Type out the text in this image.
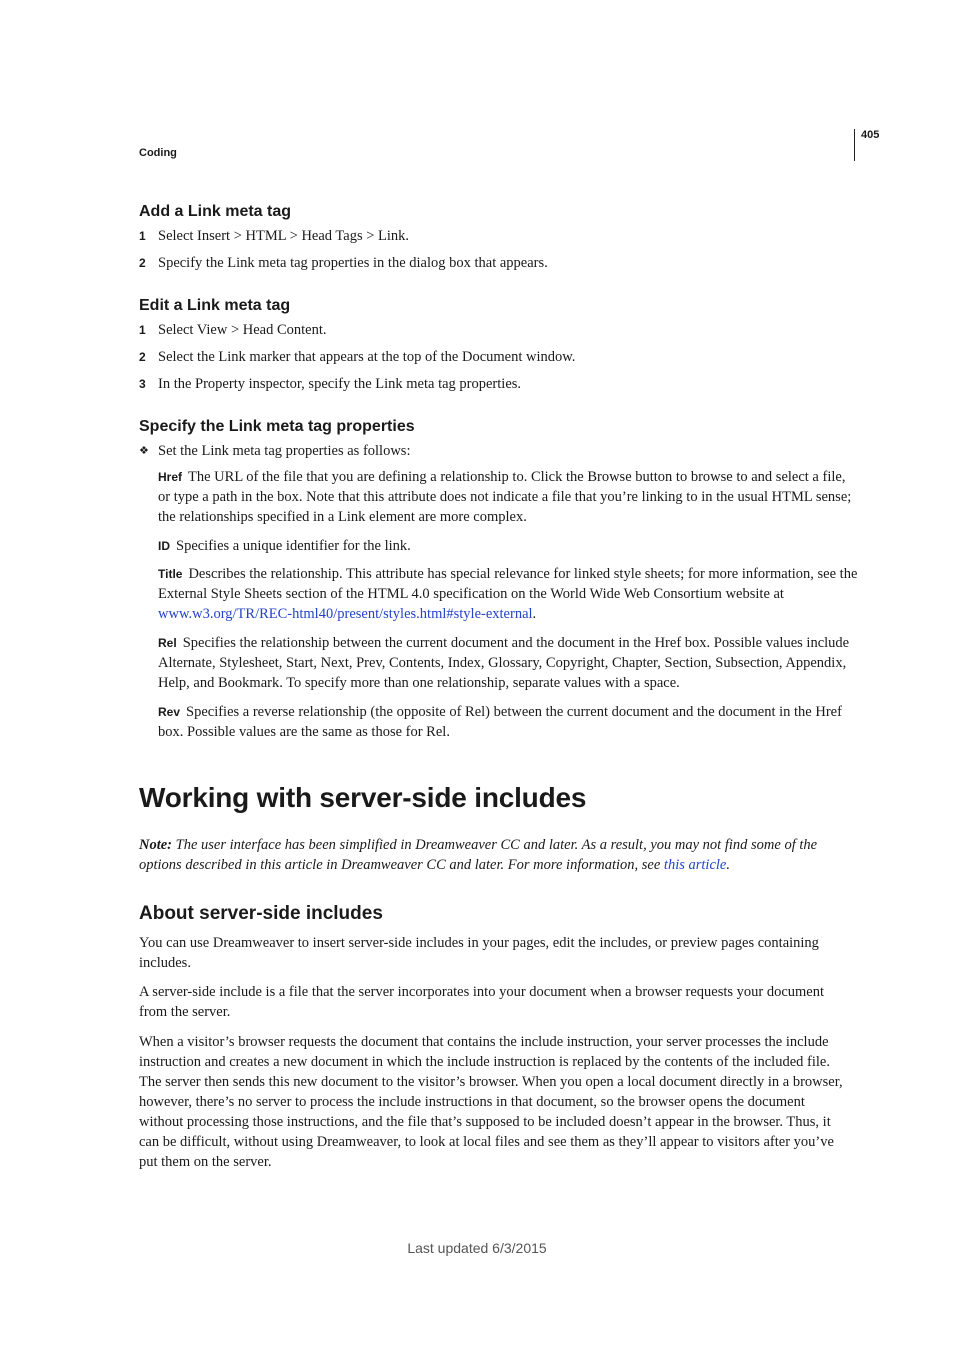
405
Coding
Add a Link meta tag
1 Select Insert > HTML > Head Tags > Link.
2 Specify the Link meta tag properties in the dialog box that appears.
Edit a Link meta tag
1 Select View > Head Content.
2 Select the Link marker that appears at the top of the Document window.
3 In the Property inspector, specify the Link meta tag properties.
Specify the Link meta tag properties
❖ Set the Link meta tag properties as follows:
Href The URL of the file that you are defining a relationship to. Click the Browse button to browse to and select a file, or type a path in the box. Note that this attribute does not indicate a file that you’re linking to in the usual HTML sense; the relationships specified in a Link element are more complex.
ID Specifies a unique identifier for the link.
Title Describes the relationship. This attribute has special relevance for linked style sheets; for more information, see the External Style Sheets section of the HTML 4.0 specification on the World Wide Web Consortium website at www.w3.org/TR/REC-html40/present/styles.html#style-external.
Rel Specifies the relationship between the current document and the document in the Href box. Possible values include Alternate, Stylesheet, Start, Next, Prev, Contents, Index, Glossary, Copyright, Chapter, Section, Subsection, Appendix, Help, and Bookmark. To specify more than one relationship, separate values with a space.
Rev Specifies a reverse relationship (the opposite of Rel) between the current document and the document in the Href box. Possible values are the same as those for Rel.
Working with server-side includes
Note: The user interface has been simplified in Dreamweaver CC and later. As a result, you may not find some of the options described in this article in Dreamweaver CC and later. For more information, see this article.
About server-side includes
You can use Dreamweaver to insert server-side includes in your pages, edit the includes, or preview pages containing includes.
A server-side include is a file that the server incorporates into your document when a browser requests your document from the server.
When a visitor’s browser requests the document that contains the include instruction, your server processes the include instruction and creates a new document in which the include instruction is replaced by the contents of the included file. The server then sends this new document to the visitor’s browser. When you open a local document directly in a browser, however, there’s no server to process the include instructions in that document, so the browser opens the document without processing those instructions, and the file that’s supposed to be included doesn’t appear in the browser. Thus, it can be difficult, without using Dreamweaver, to look at local files and see them as they’ll appear to visitors after you’ve put them on the server.
Last updated 6/3/2015
